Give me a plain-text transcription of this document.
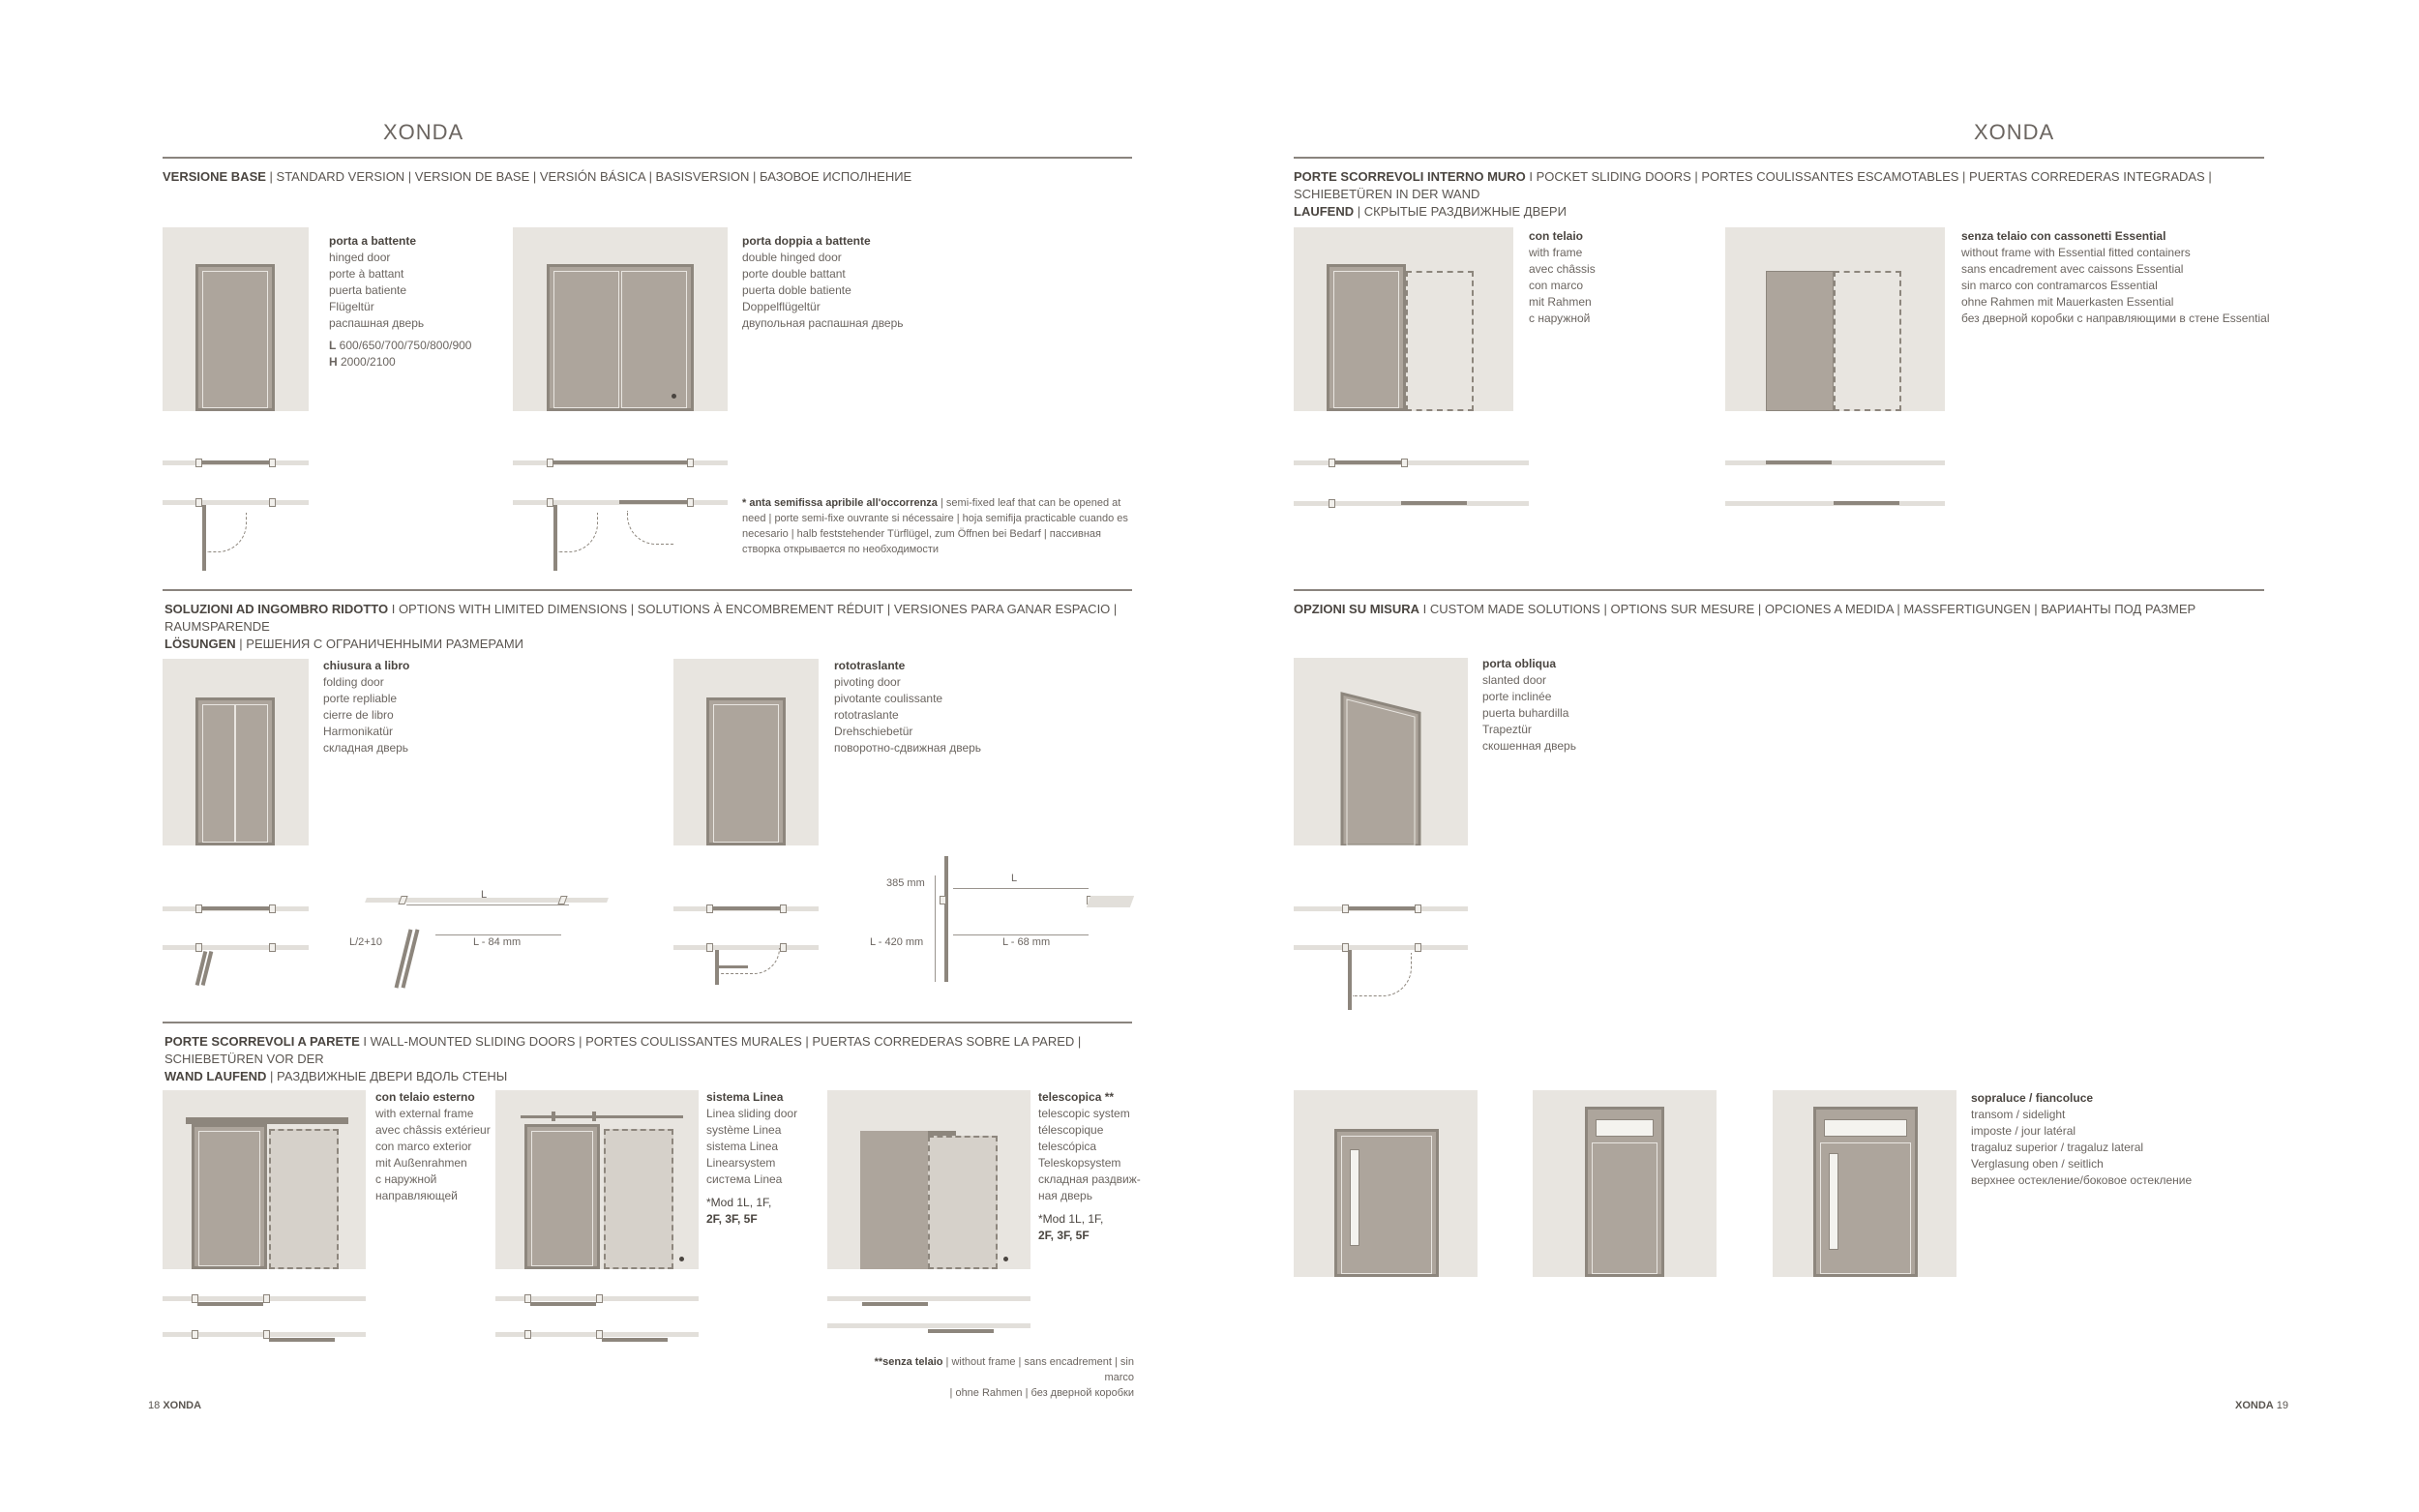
XONDA
VERSIONE BASE | STANDARD VERSION | VERSION DE BASE | VERSIÓN BÁSICA | BASISVERSION | БАЗОВОЕ ИСПОЛНЕНИЕ
porta a battente
hinged door
porte à battant
puerta batiente
Flügeltür
распашная дверь
L 600/650/700/750/800/900
H 2000/2100
porta doppia a battente
double hinged door
porte double battant
puerta doble batiente
Doppelflügeltür
двупольная распашная дверь
* anta semifissa apribile all'occorrenza | semi-fixed leaf that can be opened at need | porte semi-fixe ouvrante si nécessaire | hoja semifija practicable cuando es necesario | halb feststehender Türflügel, zum Öffnen bei Bedarf | пассивная створка открывается по необходимости
SOLUZIONI AD INGOMBRO RIDOTTO I OPTIONS WITH LIMITED DIMENSIONS | SOLUTIONS À ENCOMBREMENT RÉDUIT | VERSIONES PARA GANAR ESPACIO | RAUMSPARENDE
LÖSUNGEN | РЕШЕНИЯ С ОГРАНИЧЕННЫМИ РАЗМЕРАМИ
chiusura a libro
folding door
porte repliable
cierre de libro
Harmonikatür
складная дверь
rototraslante
pivoting door
pivotante coulissante
rototraslante
Drehschiebetür
поворотно-сдвижная дверь
L
L/2+10	L - 84 mm
L
385 mm
L - 420 mm	L - 68 mm
PORTE SCORREVOLI A PARETE I WALL-MOUNTED SLIDING DOORS | PORTES COULISSANTES MURALES | PUERTAS CORREDERAS SOBRE LA PARED | SCHIEBETÜREN VOR DER
WAND LAUFEND | РАЗДВИЖНЫЕ ДВЕРИ ВДОЛЬ СТЕНЫ
con telaio esterno
with external frame
avec châssis extérieur
con marco exterior
mit Außenrahmen
с наружной
направляющей
sistema Linea
Linea sliding door
système Linea
sistema Linea
Linearsystem
система Linea
*Mod 1L, 1F,
2F, 3F, 5F
telescopica **
telescopic system
télescopique
telescópica
Teleskopsystem
складная раздвиж-
ная дверь
*Mod 1L, 1F,
2F, 3F, 5F
**senza telaio | without frame | sans encadrement | sin marco
| ohne Rahmen | без дверной коробки
18 XONDA
XONDA
PORTE SCORREVOLI INTERNO MURO I POCKET SLIDING DOORS | PORTES COULISSANTES ESCAMOTABLES | PUERTAS CORREDERAS INTEGRADAS | SCHIEBETÜREN IN DER WAND
LAUFEND | СКРЫТЫЕ РАЗДВИЖНЫЕ ДВЕРИ
con telaio
with frame
avec châssis
con marco
mit Rahmen
с наружной
senza telaio con cassonetti Essential
without frame with Essential fitted containers
sans encadrement avec caissons Essential
sin marco con contramarcos Essential
ohne Rahmen mit Mauerkasten Essential
без дверной коробки с направляющими в стене Essential
OPZIONI SU MISURA I CUSTOM MADE SOLUTIONS | OPTIONS SUR MESURE | OPCIONES A MEDIDA | MASSFERTIGUNGEN | ВАРИАНТЫ ПОД РАЗМЕР
porta obliqua
slanted door
porte inclinée
puerta buhardilla
Trapeztür
скошенная дверь
sopraluce / fiancoluce
transom / sidelight
imposte / jour latéral
tragaluz superior / tragaluz lateral
Verglasung oben / seitlich
верхнее остекление/боковое остекление
XONDA 19
